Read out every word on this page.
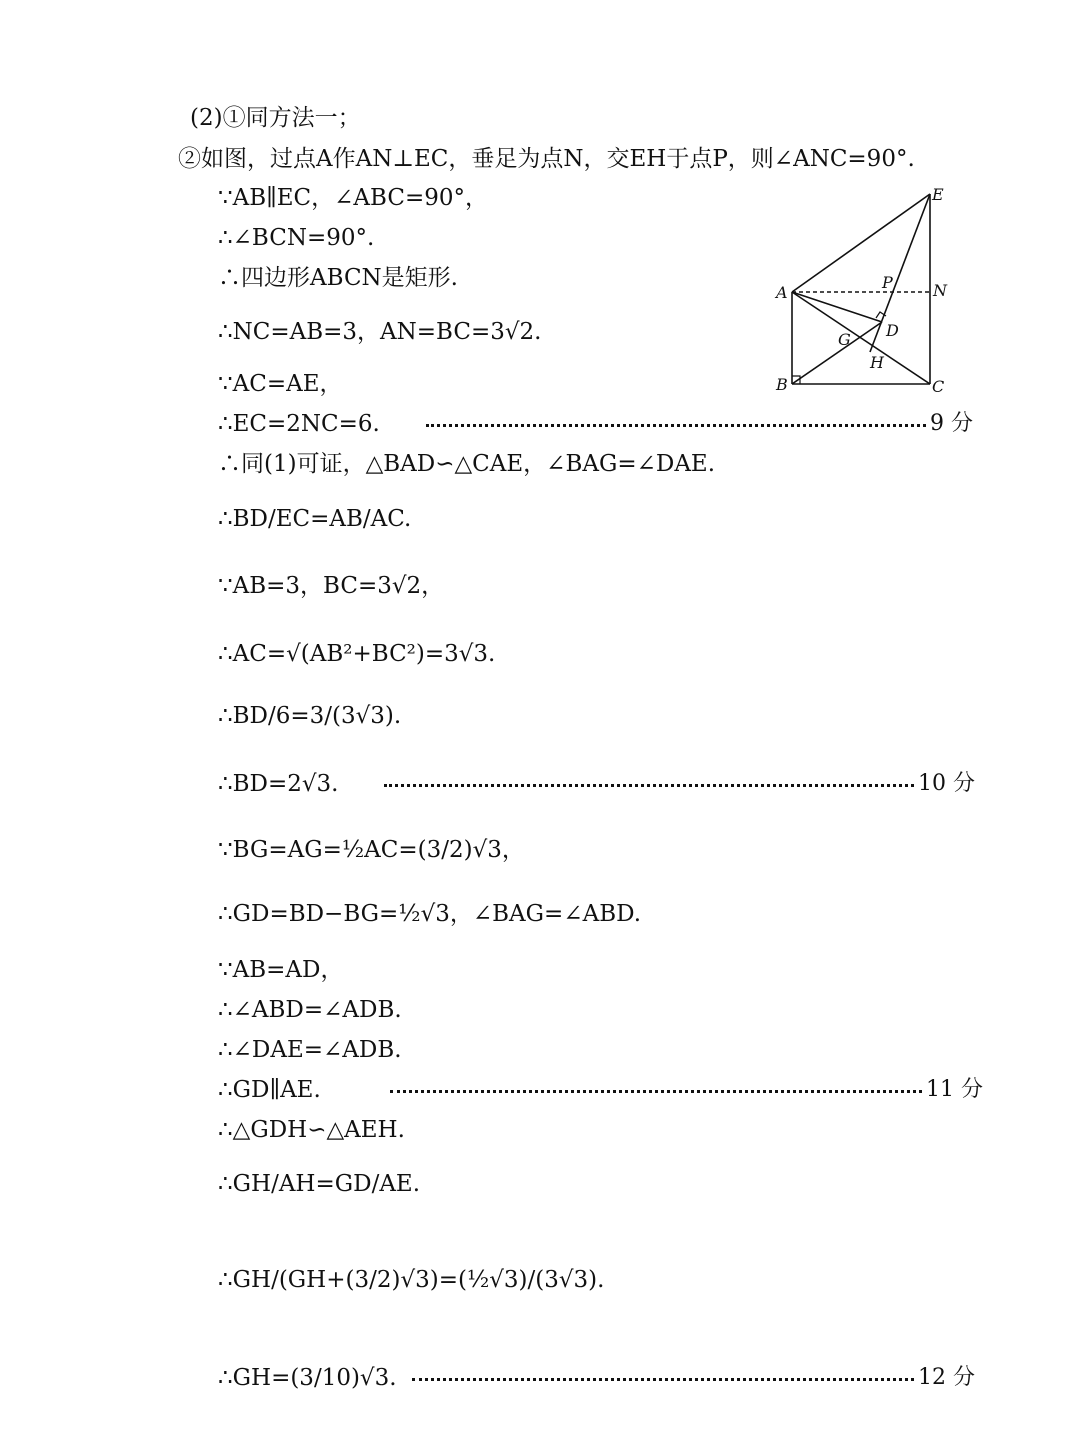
(2)①同方法一；
②如图，过点A作AN⊥EC，垂足为点N，交EH于点P，则∠ANC=90°.
∵AB∥EC，∠ABC=90°，
∴∠BCN=90°.
∴四边形ABCN是矩形.
∴NC=AB=3，AN=BC=3√2.
∵AC=AE，
∴EC=2NC=6.	9 分
∴同(1)可证，△BAD∽△CAE，∠BAG=∠DAE.
∴BD/EC=AB/AC.
∵AB=3，BC=3√2，
∴AC=√(AB²+BC²)=3√3.
∴BD/6=3/(3√3).
∴BD=2√3.	10 分
∵BG=AG=½AC=(3/2)√3，
∴GD=BD−BG=½√3，∠BAG=∠ABD.
∵AB=AD，
∴∠ABD=∠ADB.
∴∠DAE=∠ADB.
∴GD∥AE.	11 分
∴△GDH∽△AEH.
∴GH/AH=GD/AE.
∴GH/(GH+(3/2)√3)=(½√3)/(3√3).
∴GH=(3/10)√3.	12 分
A
B	C
D
E
N
P
G
H
